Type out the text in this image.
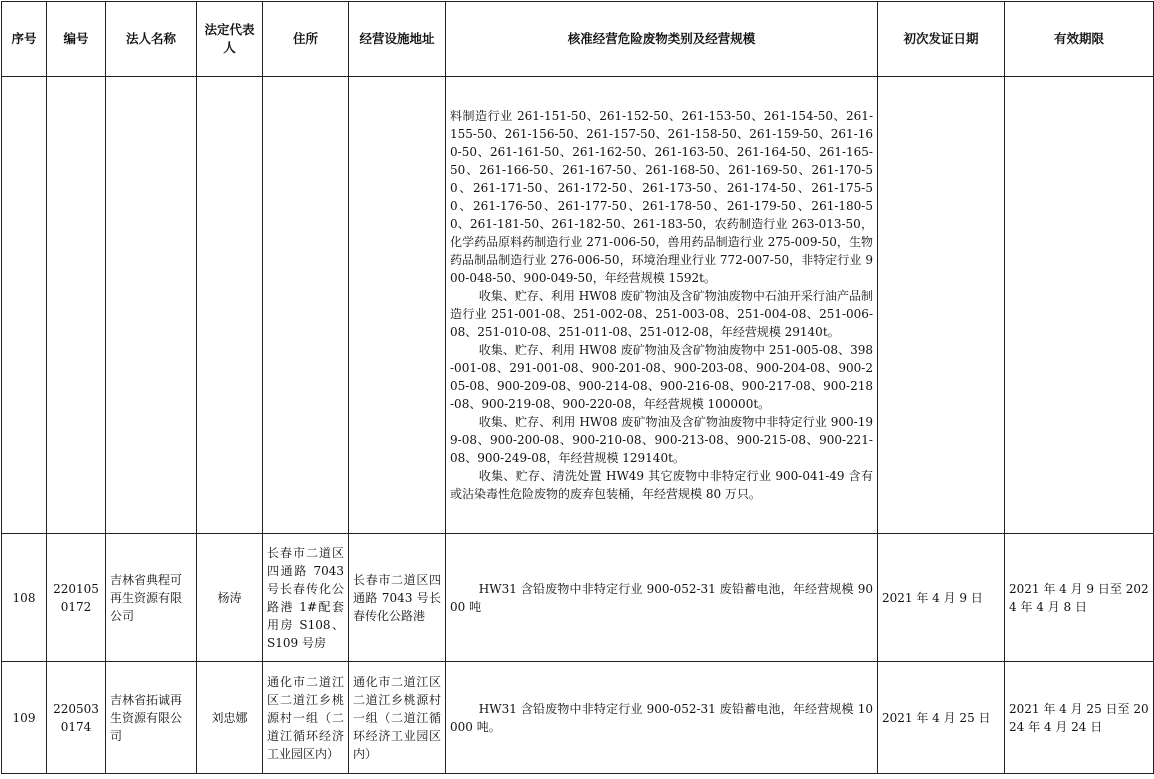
序号	编号	法人名称	法定代表人	住所	经营设施地址	核准经营危险废物类别及经营规模	初次发证日期	有效期限

						料制造行业 261-151-50、261-152-50、261-153-50、261-154-50、261-155-50、261-156-50、261-157-50、261-158-50、261-159-50、261-160-50、261-161-50、261-162-50、261-163-50、261-164-50、261-165-50、261-166-50、261-167-50、261-168-50、261-169-50、261-170-50、261-171-50、261-172-50、261-173-50、261-174-50、261-175-50、261-176-50、261-177-50、261-178-50、261-179-50、261-180-50、261-181-50、261-182-50、261-183-50，农药制造行业 263-013-50，化学药品原料药制造行业 271-006-50，兽用药品制造行业 275-009-50，生物药品制品制造行业 276-006-50，环境治理业行业 772-007-50，非特定行业 900-048-50、900-049-50，年经营规模 1592t。

收集、贮存、利用 HW08 废矿物油及含矿物油废物中石油开采行油产品制造行业 251-001-08、251-002-08、251-003-08、251-004-08、251-006-08、251-010-08、251-011-08、251-012-08，年经营规模 29140t。

收集、贮存、利用 HW08 废矿物油及含矿物油废物中 251-005-08、398-001-08、291-001-08、900-201-08、900-203-08、900-204-08、900-205-08、900-209-08、900-214-08、900-216-08、900-217-08、900-218-08、900-219-08、900-220-08，年经营规模 100000t。

收集、贮存、利用 HW08 废矿物油及含矿物油废物中非特定行业 900-199-08、900-200-08、900-210-08、900-213-08、900-215-08、900-221-08、900-249-08，年经营规模 129140t。

收集、贮存、清洗处置 HW49 其它废物中非特定行业 900-041-49 含有或沾染毒性危险废物的废弃包装桶，年经营规模 80 万只。		

108	2201050172	吉林省典程可再生资源有限公司	杨涛	长春市二道区四通路 7043 号长春传化公路港 1#配套用房 S108、S109 号房	长春市二道区四通路 7043 号长春传化公路港	HW31 含铅废物中非特定行业 900-052-31 废铅蓄电池，年经营规模 9000 吨	2021 年 4 月 9 日	2021 年 4 月 9 日至 2024 年 4 月 8 日
109	2205030174	吉林省拓诚再生资源有限公司	刘忠娜	通化市二道江区二道江乡桃源村一组（二道江循环经济工业园区内）	通化市二道江区二道江乡桃源村一组（二道江循环经济工业园区内）	HW31 含铅废物中非特定行业 900-052-31 废铅蓄电池，年经营规模 10000 吨。	2021 年 4 月 25 日	2021 年 4 月 25 日至 2024 年 4 月 24 日
